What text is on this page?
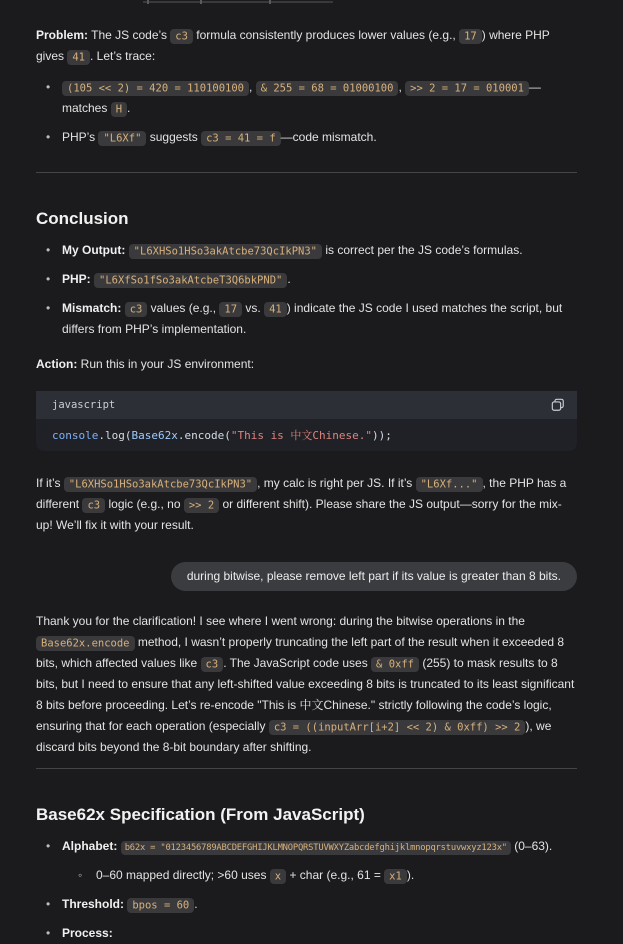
Problem: The JS code’s c3 formula consistently produces lower values (e.g., 17 ) where PHP gives 41 . Let’s trace:

• (105 << 2) = 420 = 110100100 , & 255 = 68 = 01000100 , >> 2 = 17 = 010001 —matches H .
• PHP’s "L6Xf" suggests c3 = 41 = f —code mismatch.
Conclusion
• My Output: "L6XHSo1HSo3akAtcbe73QcIkPN3" is correct per the JS code’s formulas.
• PHP: "L6XfSo1fSo3akAtcbeT3Q6bkPND" .
• Mismatch: c3 values (e.g., 17 vs. 41 ) indicate the JS code I used matches the script, but differs from PHP’s implementation.

Action: Run this in your JS environment:

javascript
console.log(Base62x.encode("This is 中文Chinese."));

If it’s "L6XHSo1HSo3akAtcbe73QcIkPN3" , my calc is right per JS. If it’s "L6Xf..." , the PHP has a different c3 logic (e.g., no >> 2 or different shift). Please share the JS output—sorry for the mix-up! We’ll fix it with your result.

during bitwise, please remove left part if its value is greater than 8 bits.

Thank you for the clarification! I see where I went wrong: during the bitwise operations in the Base62x.encode method, I wasn’t properly truncating the left part of the result when it exceeded 8 bits, which affected values like c3 . The JavaScript code uses & 0xff (255) to mask results to 8 bits, but I need to ensure that any left-shifted value exceeding 8 bits is truncated to its least significant 8 bits before proceeding. Let’s re-encode "This is 中文Chinese." strictly following the code’s logic, ensuring that for each operation (especially c3 = ((inputArr[i+2] << 2) & 0xff) >> 2 ), we discard bits beyond the 8-bit boundary after shifting.

Base62x Specification (From JavaScript)
• Alphabet: b62x = "0123456789ABCDEFGHIJKLMNOPQRSTUVWXYZabcdefghijklmnopqrstuvwxyz123x" (0–63).
◦ 0–60 mapped directly; >60 uses x + char (e.g., 61 = x1 ).
• Threshold: bpos = 60 .
• Process:
